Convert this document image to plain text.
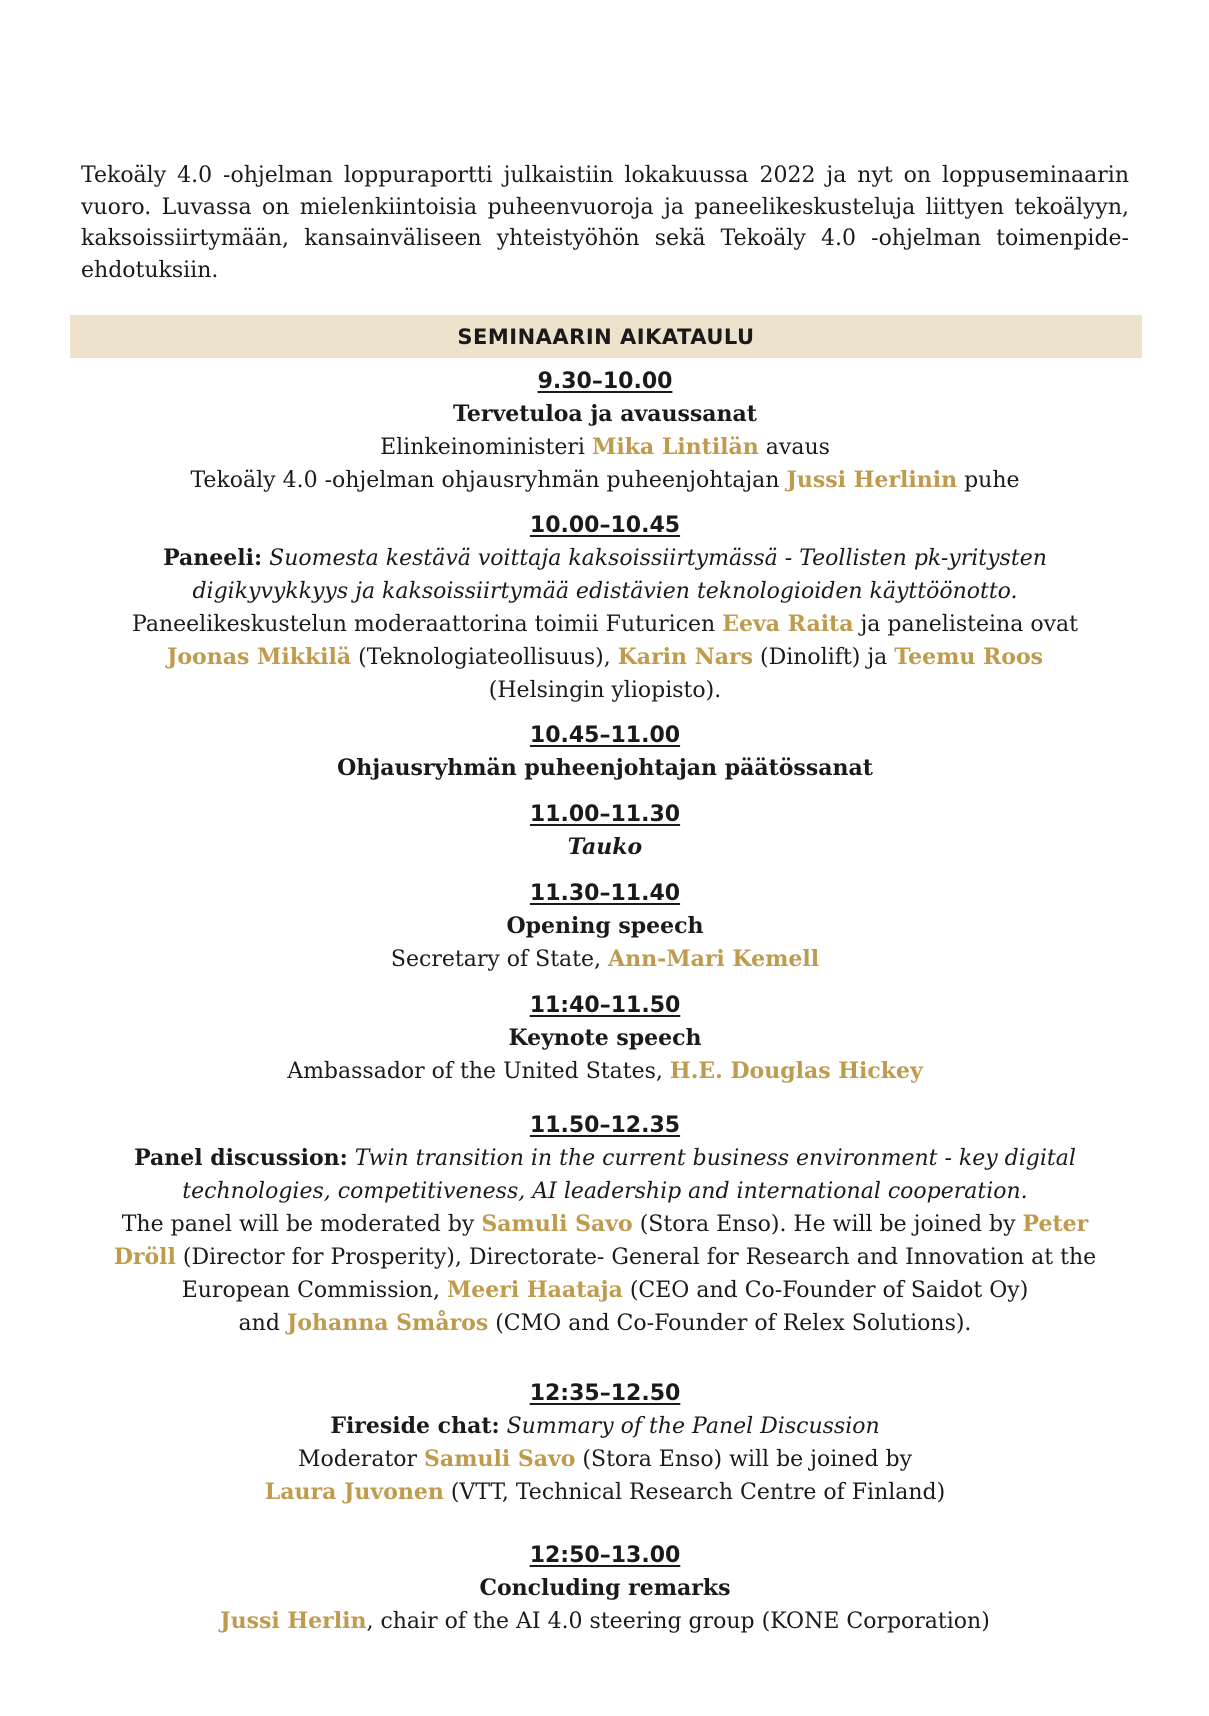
Tekoäly 4.0 -ohjelman loppuraportti julkaistiin lokakuussa 2022 ja nyt on loppuseminaarin vuoro. Luvassa on mielenkiintoisia puheenvuoroja ja paneelikeskusteluja liittyen tekoälyyn, kaksoissiirtymään, kansainväliseen yhteistyöhön sekä Tekoäly 4.0 -ohjelman toimenpide-ehdotuksiin.

SEMINAARIN AIKATAULU
9.30–10.00
Tervetuloa ja avaussanat
Elinkeinoministeri Mika Lintilän avaus
Tekoäly 4.0 -ohjelman ohjausryhmän puheenjohtajan Jussi Herlinin puhe
10.00–10.45
Paneeli: Suomesta kestävä voittaja kaksoissiirtymässä - Teollisten pk-yritysten
digikyvykkyys ja kaksoissiirtymää edistävien teknologioiden käyttöönotto.
Paneelikeskustelun moderaattorina toimii Futuricen Eeva Raita ja panelisteina ovat
Joonas Mikkilä (Teknologiateollisuus), Karin Nars (Dinolift) ja Teemu Roos
(Helsingin yliopisto).
10.45–11.00
Ohjausryhmän puheenjohtajan päätössanat
11.00–11.30
Tauko
11.30–11.40
Opening speech
Secretary of State, Ann-Mari Kemell
11:40–11.50
Keynote speech
Ambassador of the United States, H.E. Douglas Hickey
11.50–12.35
Panel discussion: Twin transition in the current business environment - key digital
technologies, competitiveness, AI leadership and international cooperation.
The panel will be moderated by Samuli Savo (Stora Enso). He will be joined by Peter
Dröll (Director for Prosperity), Directorate- General for Research and Innovation at the
European Commission, Meeri Haataja (CEO and Co-Founder of Saidot Oy)
and Johanna Småros (CMO and Co-Founder of Relex Solutions).
12:35–12.50
Fireside chat: Summary of the Panel Discussion
Moderator Samuli Savo (Stora Enso) will be joined by
Laura Juvonen (VTT, Technical Research Centre of Finland)
12:50–13.00
Concluding remarks
Jussi Herlin, chair of the AI 4.0 steering group (KONE Corporation)
